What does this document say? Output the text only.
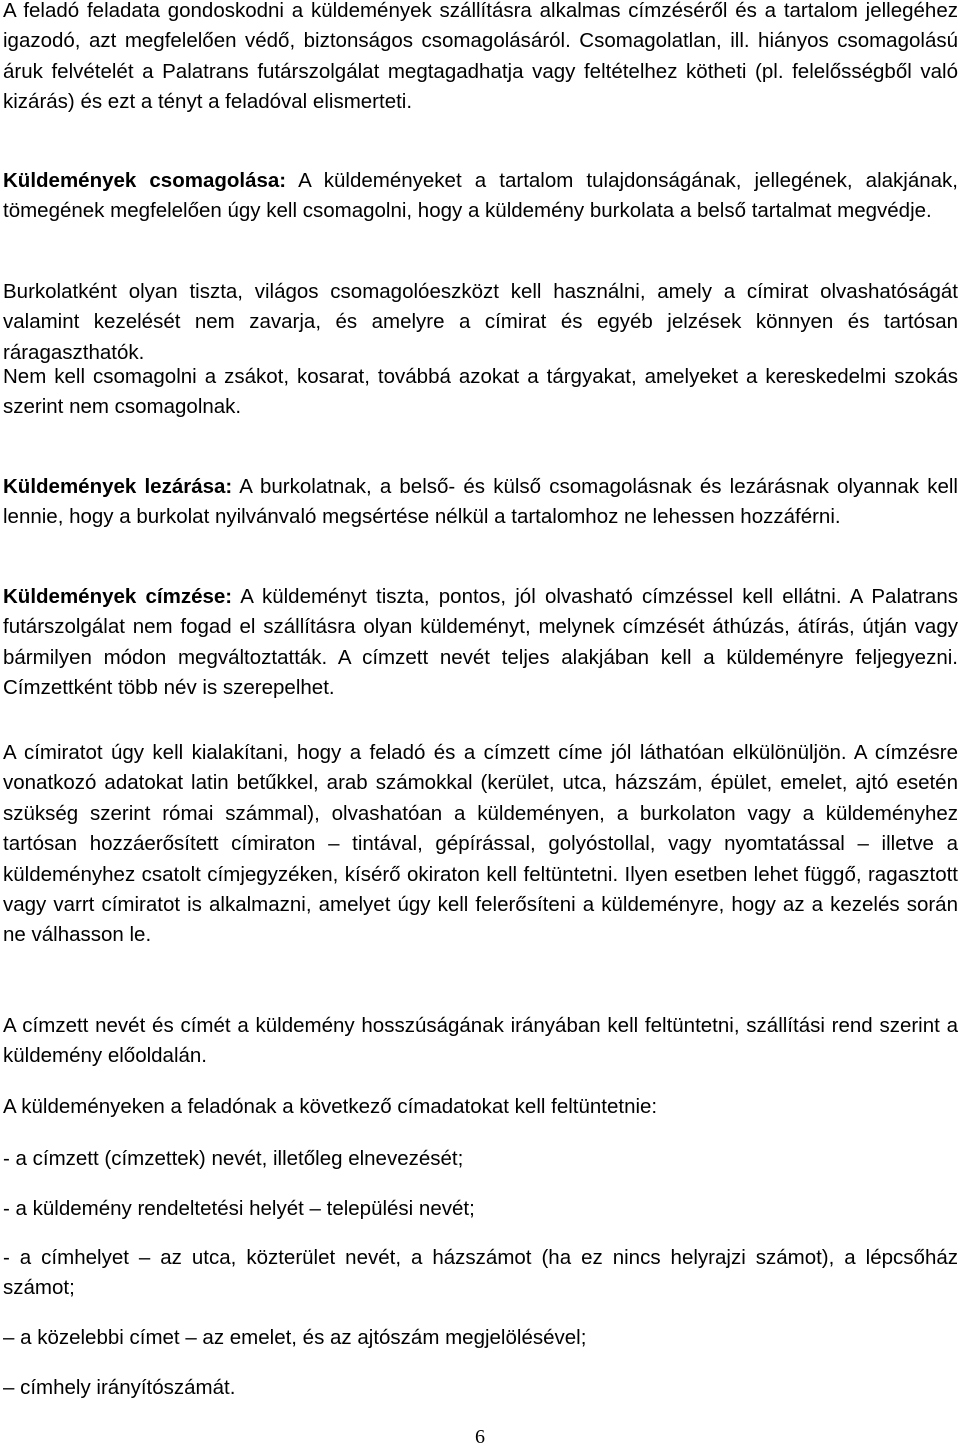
A feladó feladata gondoskodni a küldemények szállításra alkalmas címzéséről és a tartalom jellegéhez igazodó, azt megfelelően védő, biztonságos csomagolásáról. Csomagolatlan, ill. hiányos csomagolású áruk felvételét a Palatrans futárszolgálat megtagadhatja vagy feltételhez kötheti (pl. felelősségből való kizárás) és ezt a tényt a feladóval elismerteti.

Küldemények csomagolása: A küldeményeket a tartalom tulajdonságának, jellegének, alakjának, tömegének megfelelően úgy kell csomagolni, hogy a küldemény burkolata a belső tartalmat megvédje.

Burkolatként olyan tiszta, világos csomagolóeszközt kell használni, amely a címirat olvashatóságát valamint kezelését nem zavarja, és amelyre a címirat és egyéb jelzések könnyen és tartósan ráragaszthatók.

Nem kell csomagolni a zsákot, kosarat, továbbá azokat a tárgyakat, amelyeket a kereskedelmi szokás szerint nem csomagolnak.

Küldemények lezárása: A burkolatnak, a belső- és külső csomagolásnak és lezárásnak olyannak kell lennie, hogy a burkolat nyilvánvaló megsértése nélkül a tartalomhoz ne lehessen hozzáférni.

Küldemények címzése: A küldeményt tiszta, pontos, jól olvasható címzéssel kell ellátni. A Palatrans futárszolgálat nem fogad el szállításra olyan küldeményt, melynek címzését áthúzás, átírás, útján vagy bármilyen módon megváltoztatták. A címzett nevét teljes alakjában kell a küldeményre feljegyezni. Címzettként több név is szerepelhet.

A címiratot úgy kell kialakítani, hogy a feladó és a címzett címe jól láthatóan elkülönüljön. A címzésre vonatkozó adatokat latin betűkkel, arab számokkal (kerület, utca, házszám, épület, emelet, ajtó esetén szükség szerint római számmal), olvashatóan a küldeményen, a burkolaton vagy a küldeményhez tartósan hozzáerősített címiraton – tintával, gépírással, golyóstollal, vagy nyomtatással – illetve a küldeményhez csatolt címjegyzéken, kísérő okiraton kell feltüntetni. Ilyen esetben lehet függő, ragasztott vagy varrt címiratot is alkalmazni, amelyet úgy kell felerősíteni a küldeményre, hogy az a kezelés során ne válhasson le.

A címzett nevét és címét a küldemény hosszúságának irányában kell feltüntetni, szállítási rend szerint a küldemény előoldalán.

A küldeményeken a feladónak a következő címadatokat kell feltüntetnie:

- a címzett (címzettek) nevét, illetőleg elnevezését;

- a küldemény rendeltetési helyét – települési nevét;

- a címhelyet – az utca, közterület nevét, a házszámot (ha ez nincs helyrajzi számot), a lépcsőház számot;

– a közelebbi címet – az emelet, és az ajtószám megjelölésével;

– címhely irányítószámát.

6
